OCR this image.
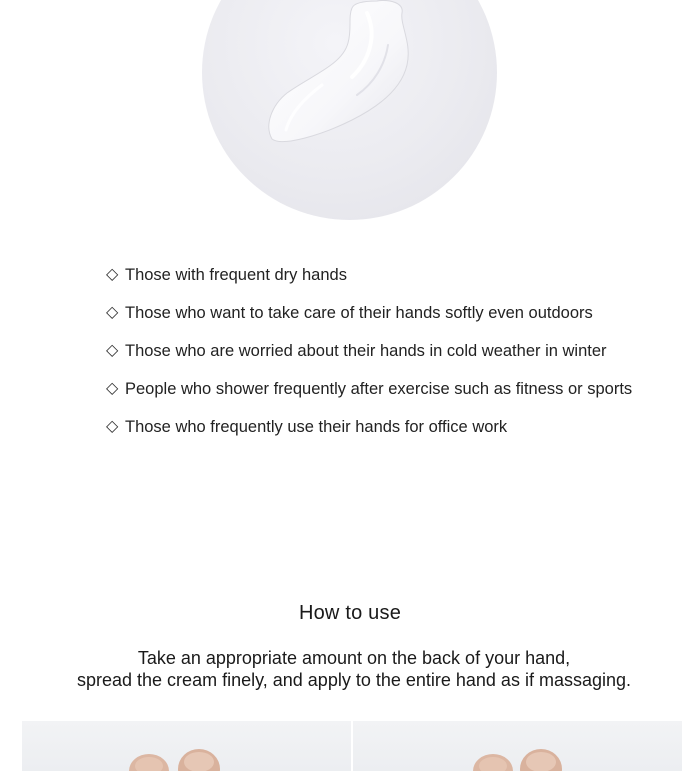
◇ Those with frequent dry hands
◇ Those who want to take care of their hands softly even outdoors
◇ Those who are worried about their hands in cold weather in winter
◇ People who shower frequently after exercise such as fitness or sports
◇ Those who frequently use their hands for office work
How to use
Take an appropriate amount on the back of your hand,
spread the cream finely, and apply to the entire hand as if massaging.
